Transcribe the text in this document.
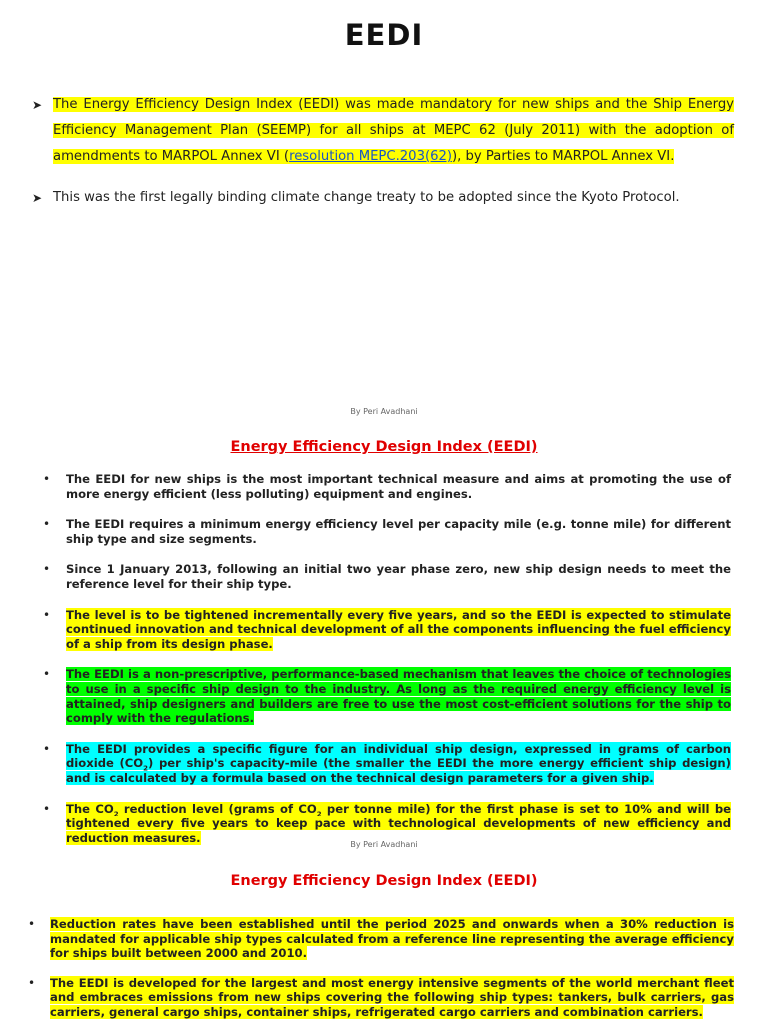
EEDI
➤ The Energy Efficiency Design Index (EEDI) was made mandatory for new ships and the Ship Energy Efficiency Management Plan (SEEMP) for all ships at MEPC 62 (July 2011) with the adoption of amendments to MARPOL Annex VI (resolution MEPC.203(62)), by Parties to MARPOL Annex VI.
➤ This was the first legally binding climate change treaty to be adopted since the Kyoto Protocol.
By Peri Avadhani
Energy Efficiency Design Index (EEDI)
• The EEDI for new ships is the most important technical measure and aims at promoting the use of more energy efficient (less polluting) equipment and engines.
• The EEDI requires a minimum energy efficiency level per capacity mile (e.g. tonne mile) for different ship type and size segments.
• Since 1 January 2013, following an initial two year phase zero, new ship design needs to meet the reference level for their ship type.
• The level is to be tightened incrementally every five years, and so the EEDI is expected to stimulate continued innovation and technical development of all the components influencing the fuel efficiency of a ship from its design phase.
• The EEDI is a non-prescriptive, performance-based mechanism that leaves the choice of technologies to use in a specific ship design to the industry. As long as the required energy efficiency level is attained, ship designers and builders are free to use the most cost-efficient solutions for the ship to comply with the regulations.
• The EEDI provides a specific figure for an individual ship design, expressed in grams of carbon dioxide $(CO_2)$ per ship's capacity-mile (the smaller the EEDI the more energy efficient ship design) and is calculated by a formula based on the technical design parameters for a given ship.
• The $CO_2$ reduction level (grams of $CO_2$ per tonne mile) for the first phase is set to 10% and will be tightened every five years to keep pace with technological developments of new efficiency and reduction measures.	By Peri Avadhani
Energy Efficiency Design Index (EEDI)
• Reduction rates have been established until the period 2025 and onwards when a 30% reduction is mandated for applicable ship types calculated from a reference line representing the average efficiency for ships built between 2000 and 2010.
• The EEDI is developed for the largest and most energy intensive segments of the world merchant fleet and embraces emissions from new ships covering the following ship types: tankers, bulk carriers, gas carriers, general cargo ships, container ships, refrigerated cargo carriers and combination carriers.
